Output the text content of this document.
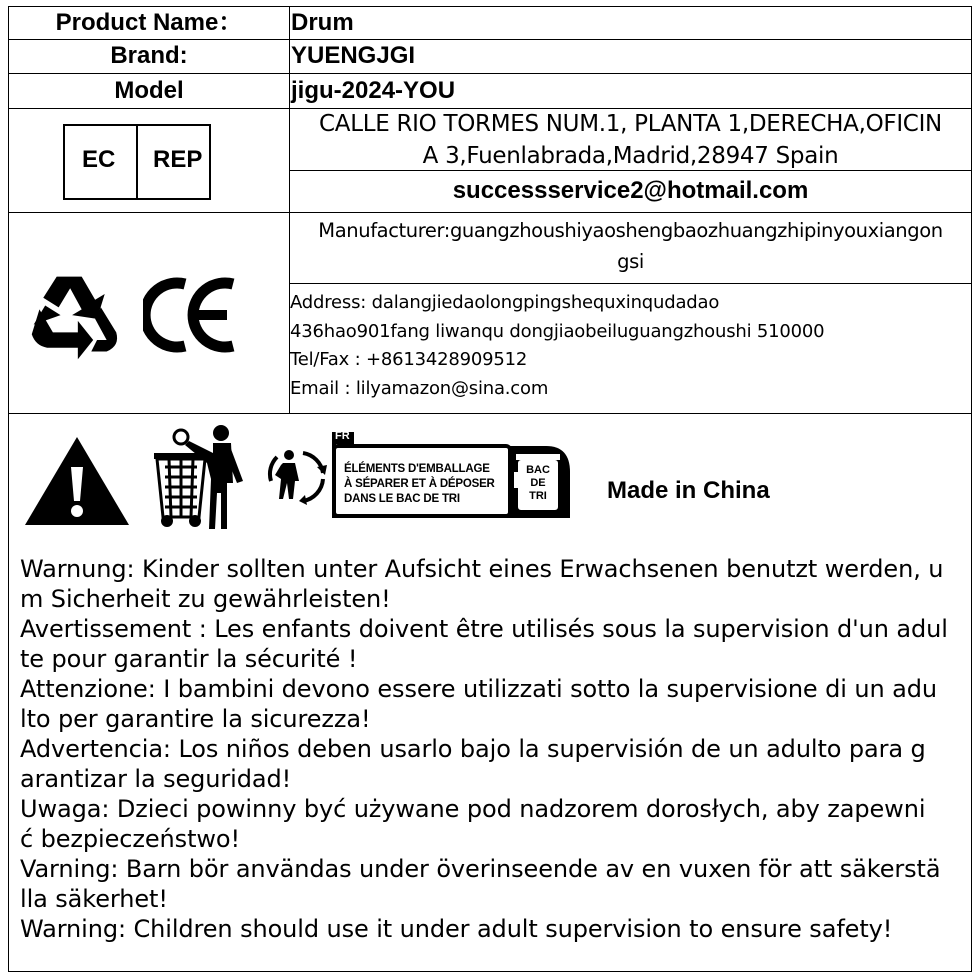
Product Name：	Drum
Brand:	YUENGJGI
Model	jigu-2024-YOU
EC REP
CALLE RIO TORMES NUM.1, PLANTA 1,DERECHA,OFICIN
A 3,Fuenlabrada,Madrid,28947 Spain
successservice2@hotmail.com
Manufacturer:guangzhoushiyaoshengbaozhuangzhipinyouxiangon
gsi
Address: dalangjiedaolongpingshequxinqudadao
436hao901fang liwanqu dongjiaobeiluguangzhoushi 510000
Tel/Fax : +8613428909512
Email : lilyamazon@sina.com
FR
ÉLÉMENTS D'EMBALLAGE
À SÉPARER ET À DÉPOSER
DANS LE BAC DE TRI
BAC
DE
TRI	Made in China
Warnung: Kinder sollten unter Aufsicht eines Erwachsenen benutzt werden, u
m Sicherheit zu gewährleisten!
Avertissement : Les enfants doivent être utilisés sous la supervision d'un adul
te pour garantir la sécurité !
Attenzione: I bambini devono essere utilizzati sotto la supervisione di un adu
lto per garantire la sicurezza!
Advertencia: Los niños deben usarlo bajo la supervisión de un adulto para g
arantizar la seguridad!
Uwaga: Dzieci powinny być używane pod nadzorem dorosłych, aby zapewni
ć bezpieczeństwo!
Varning: Barn bör användas under överinseende av en vuxen för att säkerstä
lla säkerhet!
Warning: Children should use it under adult supervision to ensure safety!
